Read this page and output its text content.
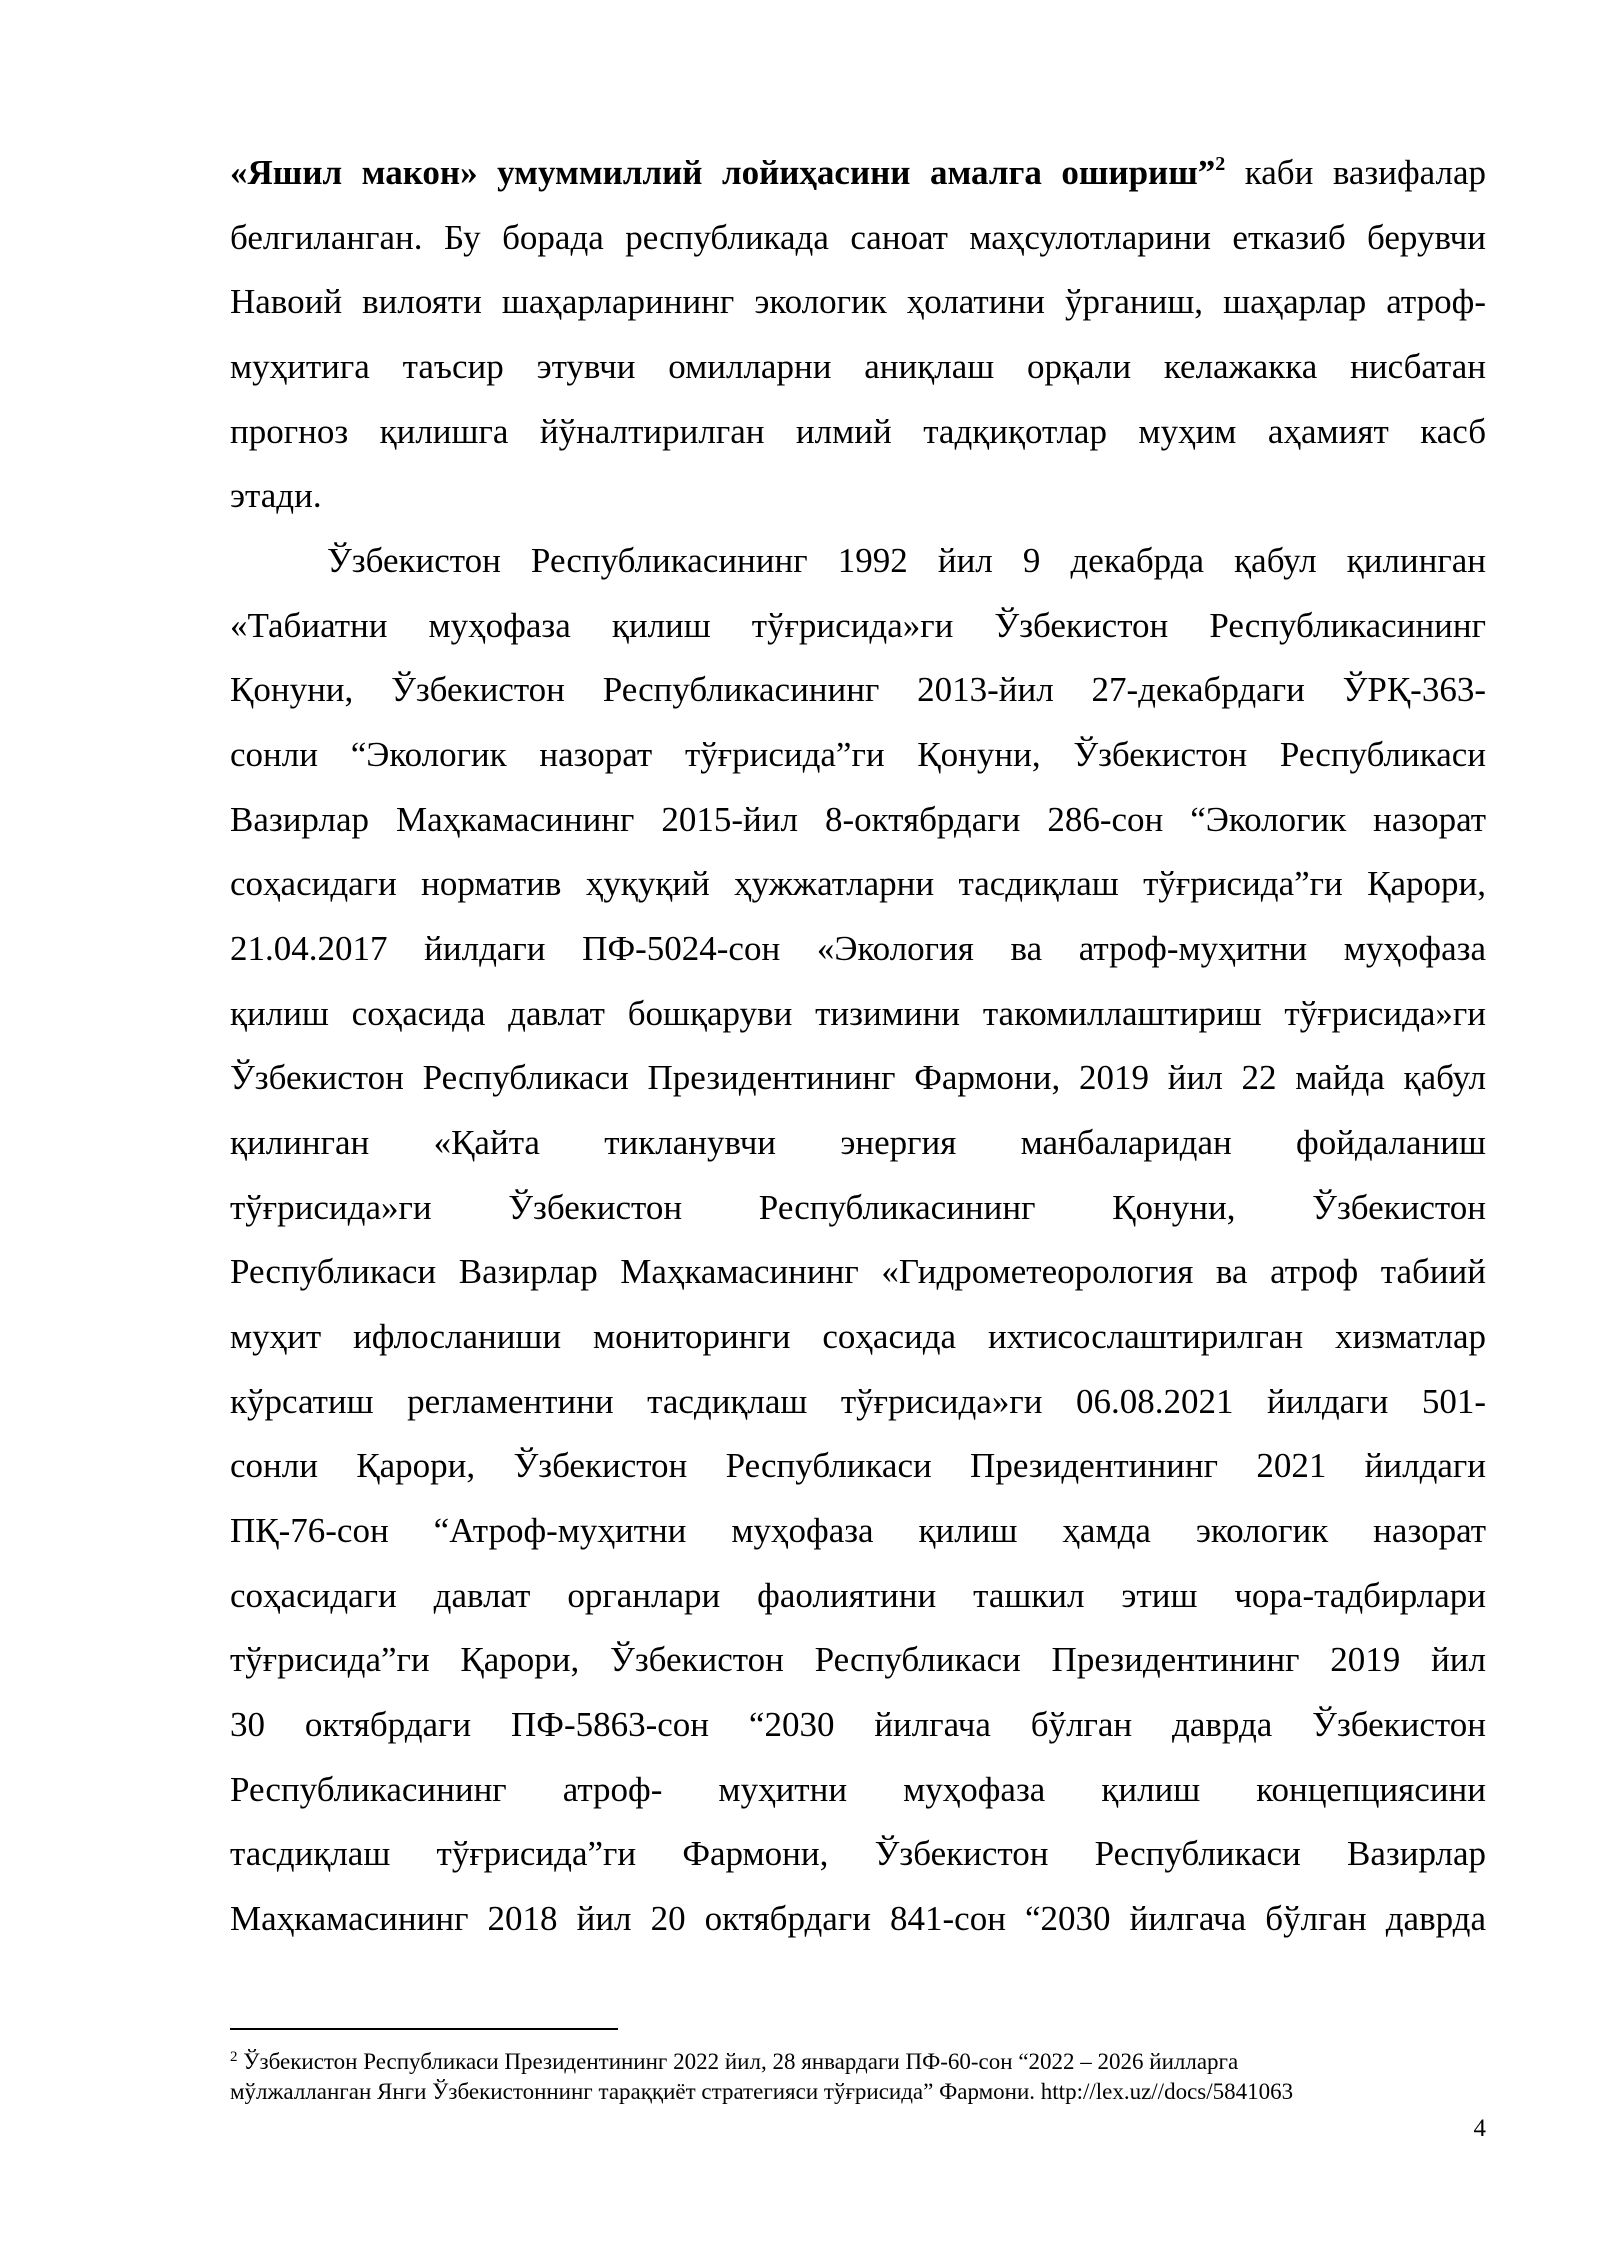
«Яшил макон» умуммиллий лойиҳасини амалга ошириш”$^2$ каби вазифалар
белгиланган. Бу борада республикада саноат маҳсулотларини етказиб берувчи
Навоий вилояти шаҳарларининг экологик ҳолатини ўрганиш, шаҳарлар атроф-
муҳитига таъсир этувчи омилларни аниқлаш орқали келажакка нисбатан
прогноз қилишга йўналтирилган илмий тадқиқотлар муҳим аҳамият касб
этади.
Ўзбекистон Республикасининг 1992 йил 9 декабрда қабул қилинган
«Табиатни муҳофаза қилиш тўғрисида»ги Ўзбекистон Республикасининг
Қонуни, Ўзбекистон Республикасининг 2013-йил 27-декабрдаги ЎРҚ-363-
сонли “Экологик назорат тўғрисида”ги Қонуни, Ўзбекистон Республикаси
Вазирлар Маҳкамасининг 2015-йил 8-октябрдаги 286-сон “Экологик назорат
соҳасидаги норматив ҳуқуқий ҳужжатларни тасдиқлаш тўғрисида”ги Қарори,
21.04.2017 йилдаги ПФ-5024-сон «Экология ва атроф-муҳитни муҳофаза
қилиш соҳасида давлат бошқаруви тизимини такомиллаштириш тўғрисида»ги
Ўзбекистон Республикаси Президентининг Фармони, 2019 йил 22 майда қабул
қилинган «Қайта тикланувчи энергия манбаларидан фойдаланиш
тўғрисида»ги Ўзбекистон Республикасининг Қонуни, Ўзбекистон
Республикаси Вазирлар Маҳкамасининг «Гидрометеорология ва атроф табиий
муҳит ифлосланиши мониторинги соҳасида ихтисослаштирилган хизматлар
кўрсатиш регламентини тасдиқлаш тўғрисида»ги 06.08.2021 йилдаги 501-
сонли Қарори, Ўзбекистон Республикаси Президентининг 2021 йилдаги
ПҚ-76-сон “Атроф-муҳитни муҳофаза қилиш ҳамда экологик назорат
соҳасидаги давлат органлари фаолиятини ташкил этиш чора-тадбирлари
тўғрисида”ги Қарори, Ўзбекистон Республикаси Президентининг 2019 йил
30 октябрдаги ПФ-5863-сон “2030 йилгача бўлган даврда Ўзбекистон
Республикасининг атроф- муҳитни муҳофаза қилиш концепциясини
тасдиқлаш тўғрисида”ги Фармони, Ўзбекистон Республикаси Вазирлар
Маҳкамасининг 2018 йил 20 октябрдаги 841-сон “2030 йилгача бўлган даврда
$^2$ Ўзбекистон Республикаси Президентининг 2022 йил, 28 январдаги ПФ-60-сон “2022 – 2026 йилларга
мўлжалланган Янги Ўзбекистоннинг тараққиёт стратегияси тўғрисида” Фармони. http://lex.uz//docs/5841063
4
